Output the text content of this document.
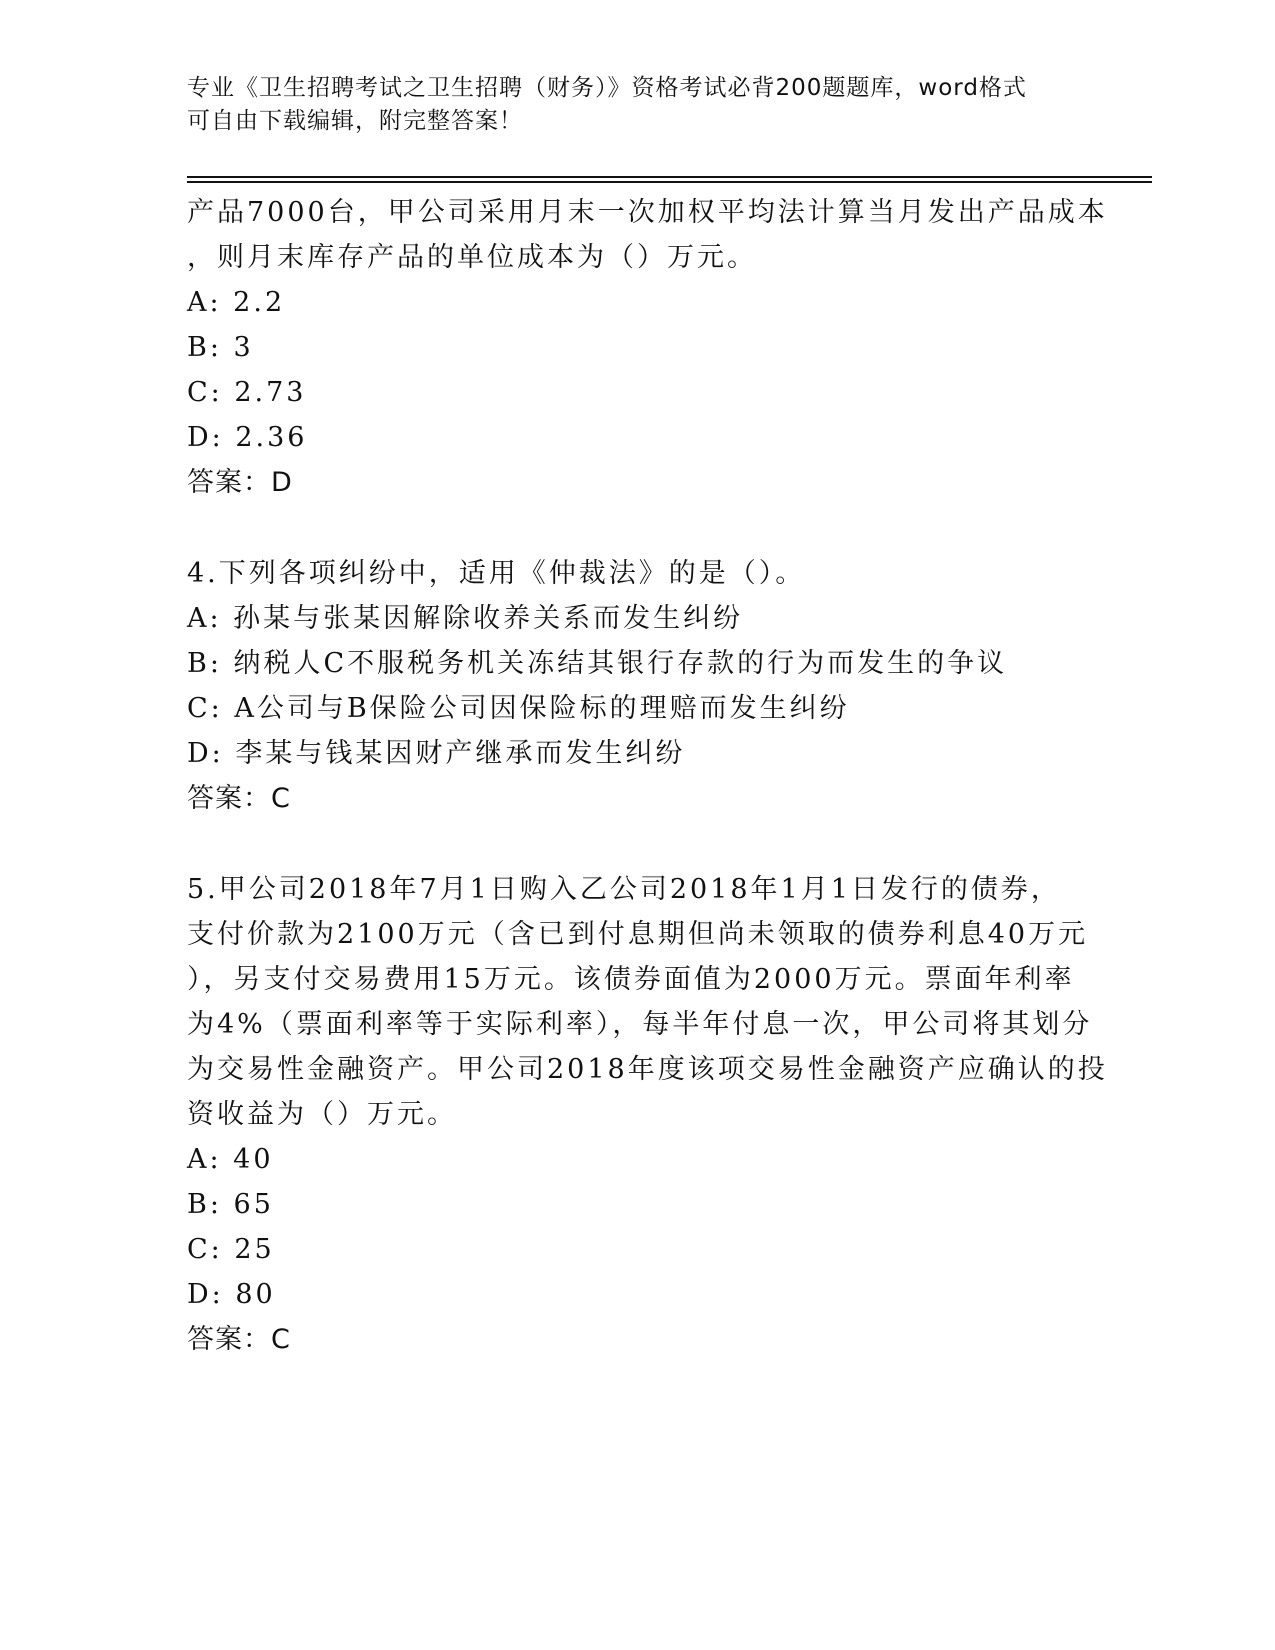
专业《卫生招聘考试之卫生招聘（财务）》资格考试必背200题题库，word格式
可自由下载编辑，附完整答案！
产品7000台，甲公司采用月末一次加权平均法计算当月发出产品成本
，则月末库存产品的单位成本为（）万元。
A: 2.2
B: 3
C: 2.73
D: 2.36
答案：D
4.下列各项纠纷中，适用《仲裁法》的是（）。
A: 孙某与张某因解除收养关系而发生纠纷
B: 纳税人C不服税务机关冻结其银行存款的行为而发生的争议
C: A公司与B保险公司因保险标的理赔而发生纠纷
D: 李某与钱某因财产继承而发生纠纷
答案：C
5.甲公司2018年7月1日购入乙公司2018年1月1日发行的债券，
支付价款为2100万元（含已到付息期但尚未领取的债券利息40万元
），另支付交易费用15万元。该债券面值为2000万元。票面年利率
为4%（票面利率等于实际利率），每半年付息一次，甲公司将其划分
为交易性金融资产。甲公司2018年度该项交易性金融资产应确认的投
资收益为（）万元。
A: 40
B: 65
C: 25
D: 80
答案：C
